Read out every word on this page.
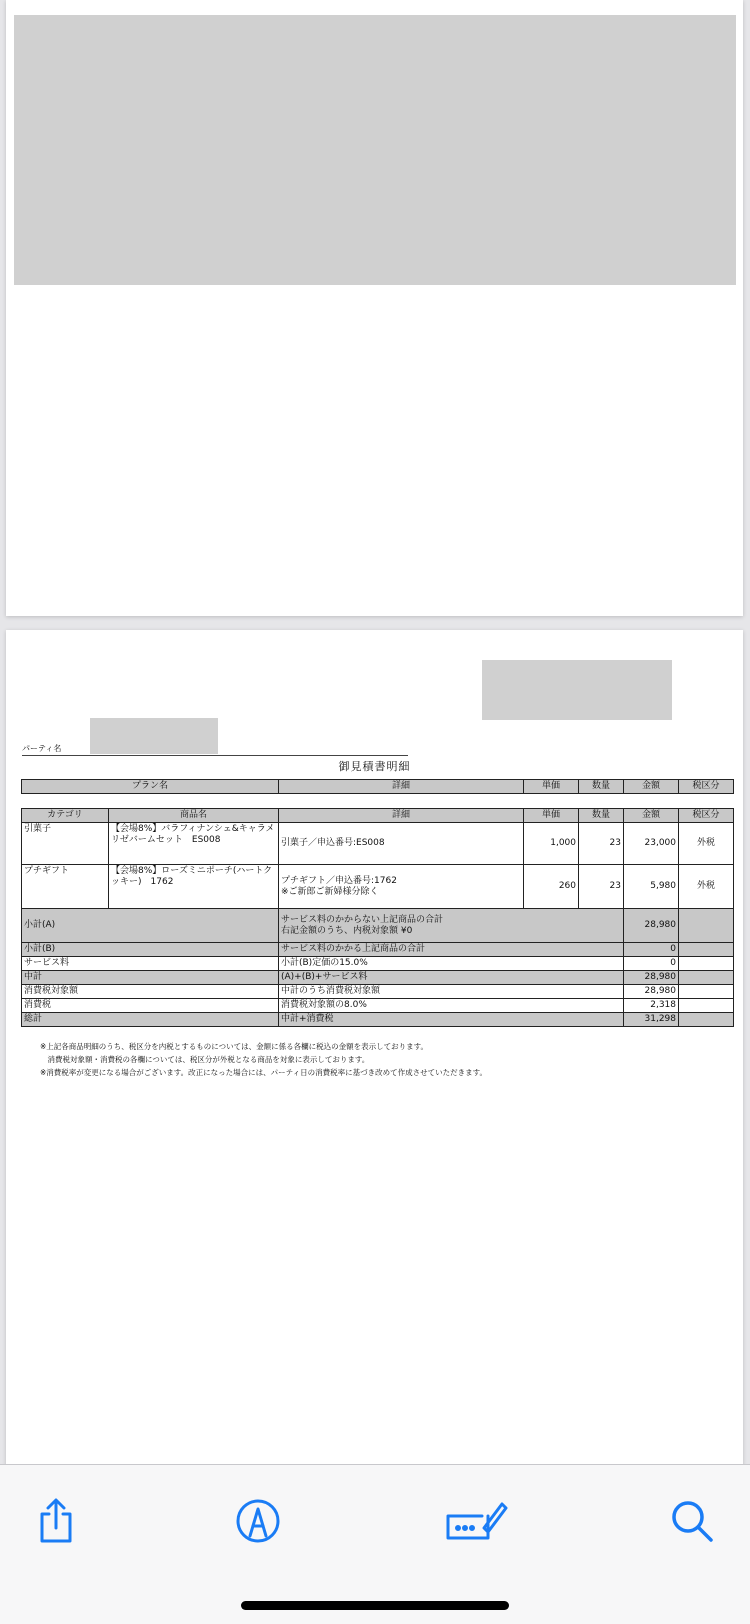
パーティ名
御見積書明細
プラン名	詳細	単価	数量	金額	税区分
カテゴリ	商品名	詳細	単価	数量	金額	税区分
引菓子	【会場8%】バラフィナンシェ&キャラメリゼバームセット　ES008	引菓子／申込番号:ES008	1,000	23	23,000	外税
プチギフト	【会場8%】ローズミニポーチ(ハートクッキー)　1762	プチギフト／申込番号:1762
※ご新郎ご新婦様分除く	260	23	5,980	外税
小計(A)		サービス料のかからない上記商品の合計
右記金額のうち、内税対象額 ¥0			28,980	
小計(B)		サービス料のかかる上記商品の合計			0	
サービス料		小計(B)定価の15.0%			0	
中計		(A)+(B)+サービス料			28,980	
消費税対象額		中計のうち消費税対象額			28,980	
消費税		消費税対象額の8.0%			2,318	
総計		中計+消費税			31,298	
※上記各商品明細のうち、税区分を内税とするものについては、金額に係る各欄に税込の金額を表示しております。
　消費税対象額・消費税の各欄については、税区分が外税となる商品を対象に表示しております。
※消費税率が変更になる場合がございます。改正になった場合には、パーティ日の消費税率に基づき改めて作成させていただきます。
